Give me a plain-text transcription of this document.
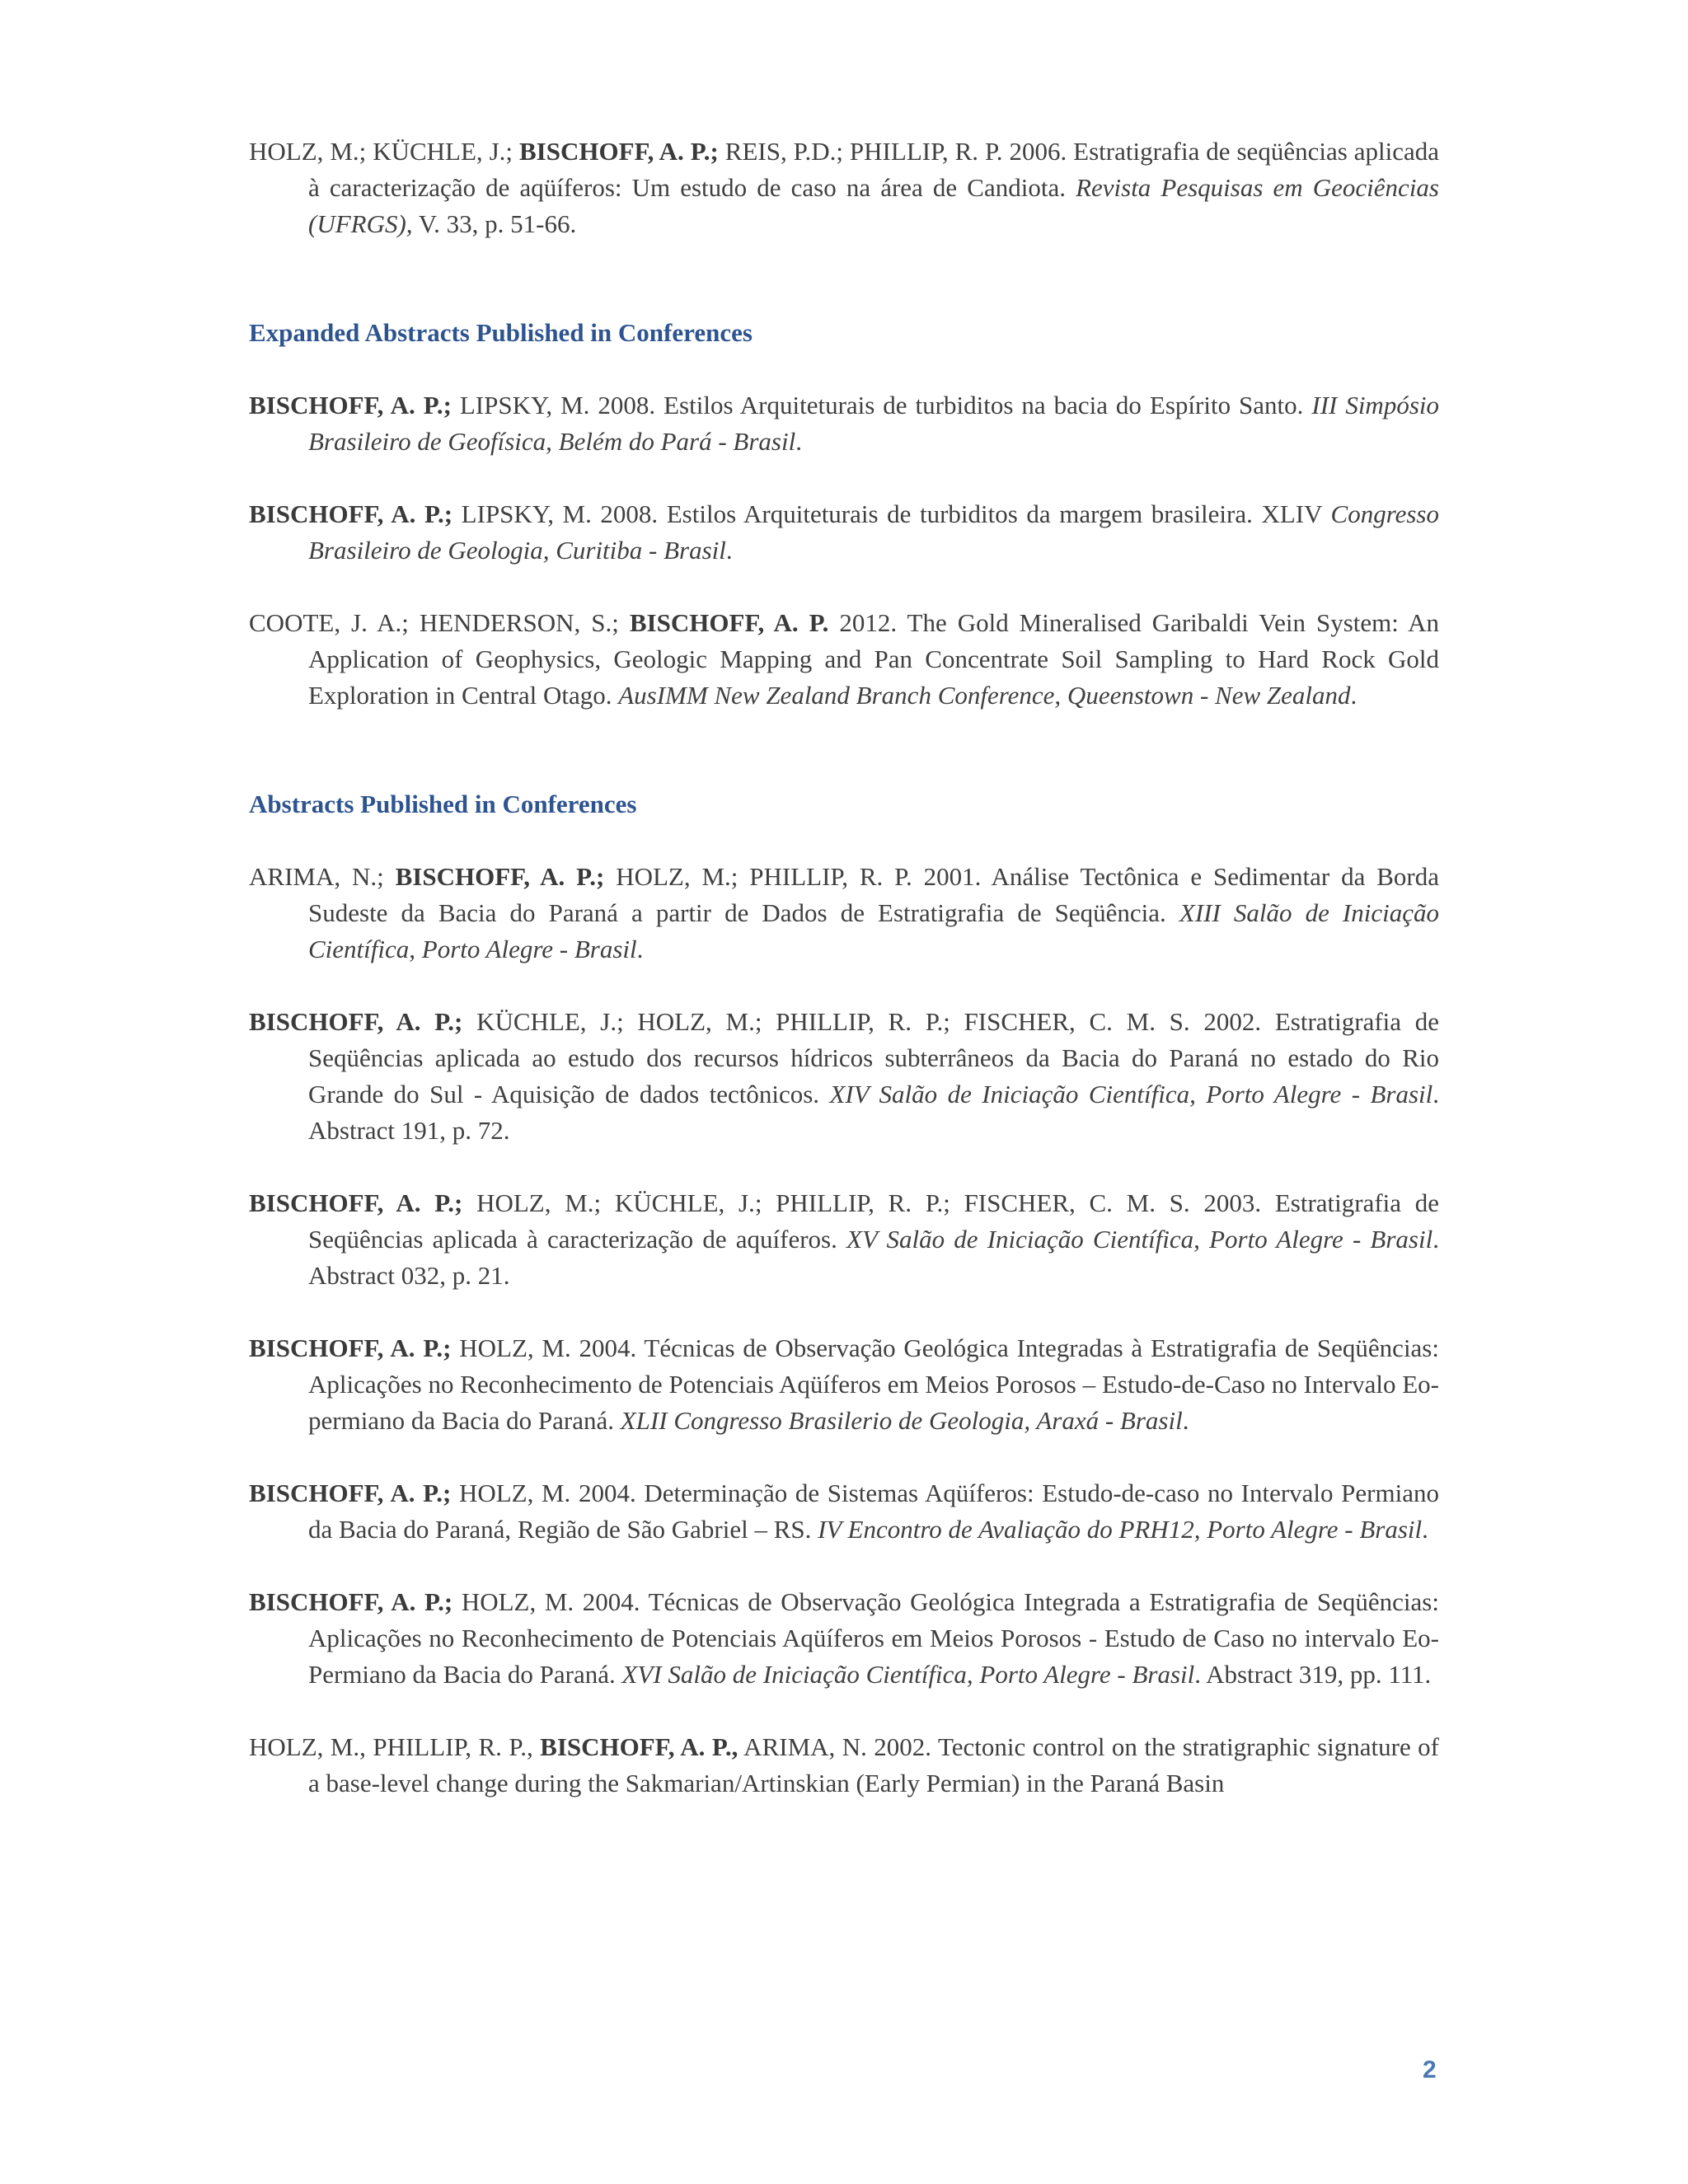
HOLZ, M.; KÜCHLE, J.; BISCHOFF, A. P.; REIS, P.D.; PHILLIP, R. P. 2006. Estratigrafia de seqüências aplicada à caracterização de aqüíferos: Um estudo de caso na área de Candiota. Revista Pesquisas em Geociências (UFRGS), V. 33, p. 51-66.

Expanded Abstracts Published in Conferences

BISCHOFF, A. P.; LIPSKY, M. 2008. Estilos Arquiteturais de turbiditos na bacia do Espírito Santo. III Simpósio Brasileiro de Geofísica, Belém do Pará - Brasil.

BISCHOFF, A. P.; LIPSKY, M. 2008. Estilos Arquiteturais de turbiditos da margem brasileira. XLIV Congresso Brasileiro de Geologia, Curitiba - Brasil.

COOTE, J. A.; HENDERSON, S.; BISCHOFF, A. P. 2012. The Gold Mineralised Garibaldi Vein System: An Application of Geophysics, Geologic Mapping and Pan Concentrate Soil Sampling to Hard Rock Gold Exploration in Central Otago. AusIMM New Zealand Branch Conference, Queenstown - New Zealand.

Abstracts Published in Conferences

ARIMA, N.; BISCHOFF, A. P.; HOLZ, M.; PHILLIP, R. P. 2001. Análise Tectônica e Sedimentar da Borda Sudeste da Bacia do Paraná a partir de Dados de Estratigrafia de Seqüência. XIII Salão de Iniciação Científica, Porto Alegre - Brasil.

BISCHOFF, A. P.; KÜCHLE, J.; HOLZ, M.; PHILLIP, R. P.; FISCHER, C. M. S. 2002. Estratigrafia de Seqüências aplicada ao estudo dos recursos hídricos subterrâneos da Bacia do Paraná no estado do Rio Grande do Sul - Aquisição de dados tectônicos. XIV Salão de Iniciação Científica, Porto Alegre - Brasil. Abstract 191, p. 72.

BISCHOFF, A. P.; HOLZ, M.; KÜCHLE, J.; PHILLIP, R. P.; FISCHER, C. M. S. 2003. Estratigrafia de Seqüências aplicada à caracterização de aquíferos. XV Salão de Iniciação Científica, Porto Alegre - Brasil. Abstract 032, p. 21.

BISCHOFF, A. P.; HOLZ, M. 2004. Técnicas de Observação Geológica Integradas à Estratigrafia de Seqüências: Aplicações no Reconhecimento de Potenciais Aqüíferos em Meios Porosos – Estudo-de-Caso no Intervalo Eo- permiano da Bacia do Paraná. XLII Congresso Brasilerio de Geologia, Araxá - Brasil.

BISCHOFF, A. P.; HOLZ, M. 2004. Determinação de Sistemas Aqüíferos: Estudo-de-caso no Intervalo Permiano da Bacia do Paraná, Região de São Gabriel – RS. IV Encontro de Avaliação do PRH12, Porto Alegre - Brasil.

BISCHOFF, A. P.; HOLZ, M. 2004. Técnicas de Observação Geológica Integrada a Estratigrafia de Seqüências: Aplicações no Reconhecimento de Potenciais Aqüíferos em Meios Porosos - Estudo de Caso no intervalo Eo- Permiano da Bacia do Paraná. XVI Salão de Iniciação Científica, Porto Alegre - Brasil. Abstract 319, pp. 111.

HOLZ, M., PHILLIP, R. P., BISCHOFF, A. P., ARIMA, N. 2002. Tectonic control on the stratigraphic signature of a base-level change during the Sakmarian/Artinskian (Early Permian) in the Paraná Basin

2
